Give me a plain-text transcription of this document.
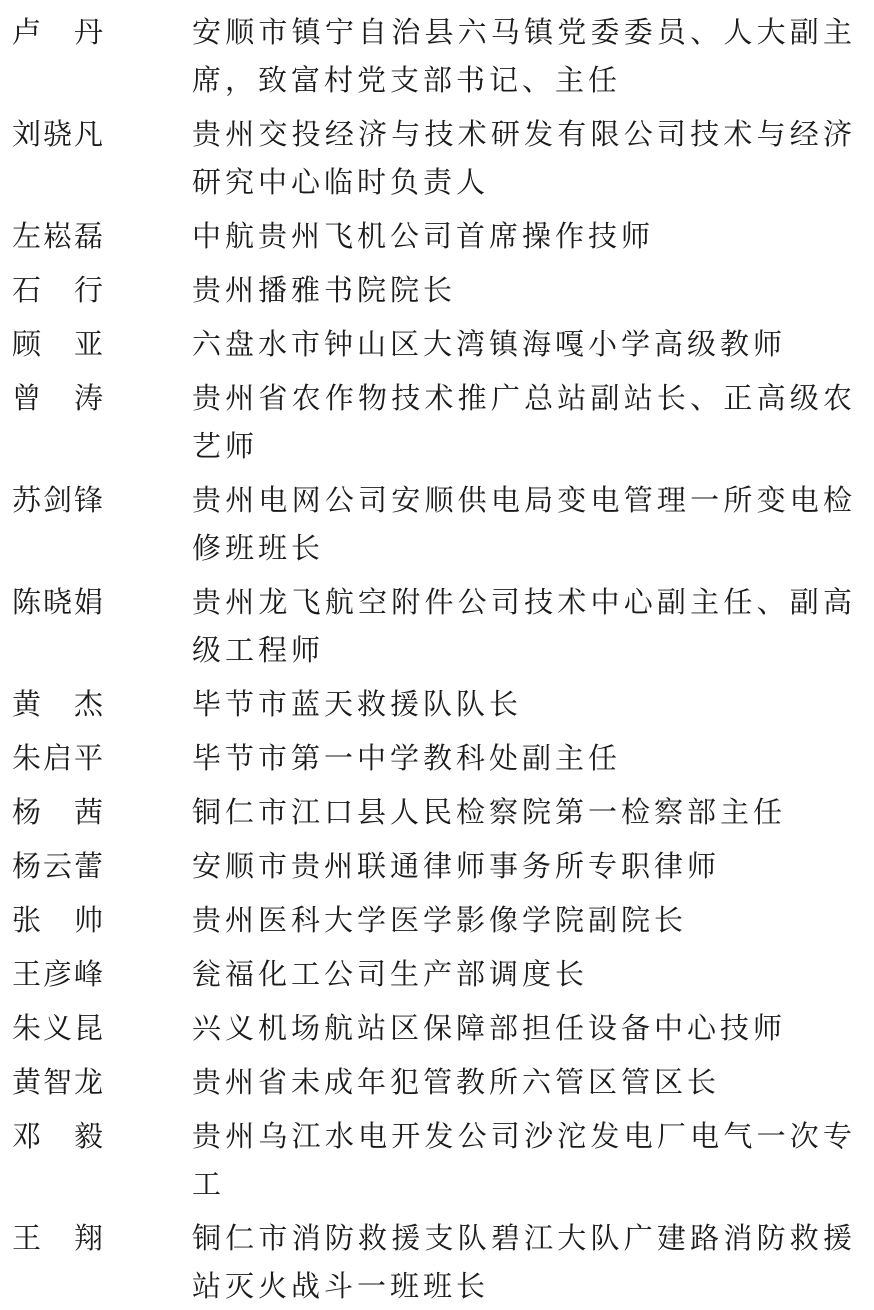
卢　丹	安顺市镇宁自治县六马镇党委委员、人大副主席，致富村党支部书记、主任
刘骁凡	贵州交投经济与技术研发有限公司技术与经济研究中心临时负责人
左崧磊	中航贵州飞机公司首席操作技师
石　行	贵州播雅书院院长
顾　亚	六盘水市钟山区大湾镇海嘎小学高级教师
曾　涛	贵州省农作物技术推广总站副站长、正高级农艺师
苏剑锋	贵州电网公司安顺供电局变电管理一所变电检修班班长
陈晓娟	贵州龙飞航空附件公司技术中心副主任、副高级工程师
黄　杰	毕节市蓝天救援队队长
朱启平	毕节市第一中学教科处副主任
杨　茜	铜仁市江口县人民检察院第一检察部主任
杨云蕾	安顺市贵州联通律师事务所专职律师
张　帅	贵州医科大学医学影像学院副院长
王彦峰	瓮福化工公司生产部调度长
朱义昆	兴义机场航站区保障部担任设备中心技师
黄智龙	贵州省未成年犯管教所六管区管区长
邓　毅	贵州乌江水电开发公司沙沱发电厂电气一次专工
王　翔	铜仁市消防救援支队碧江大队广建路消防救援站灭火战斗一班班长
